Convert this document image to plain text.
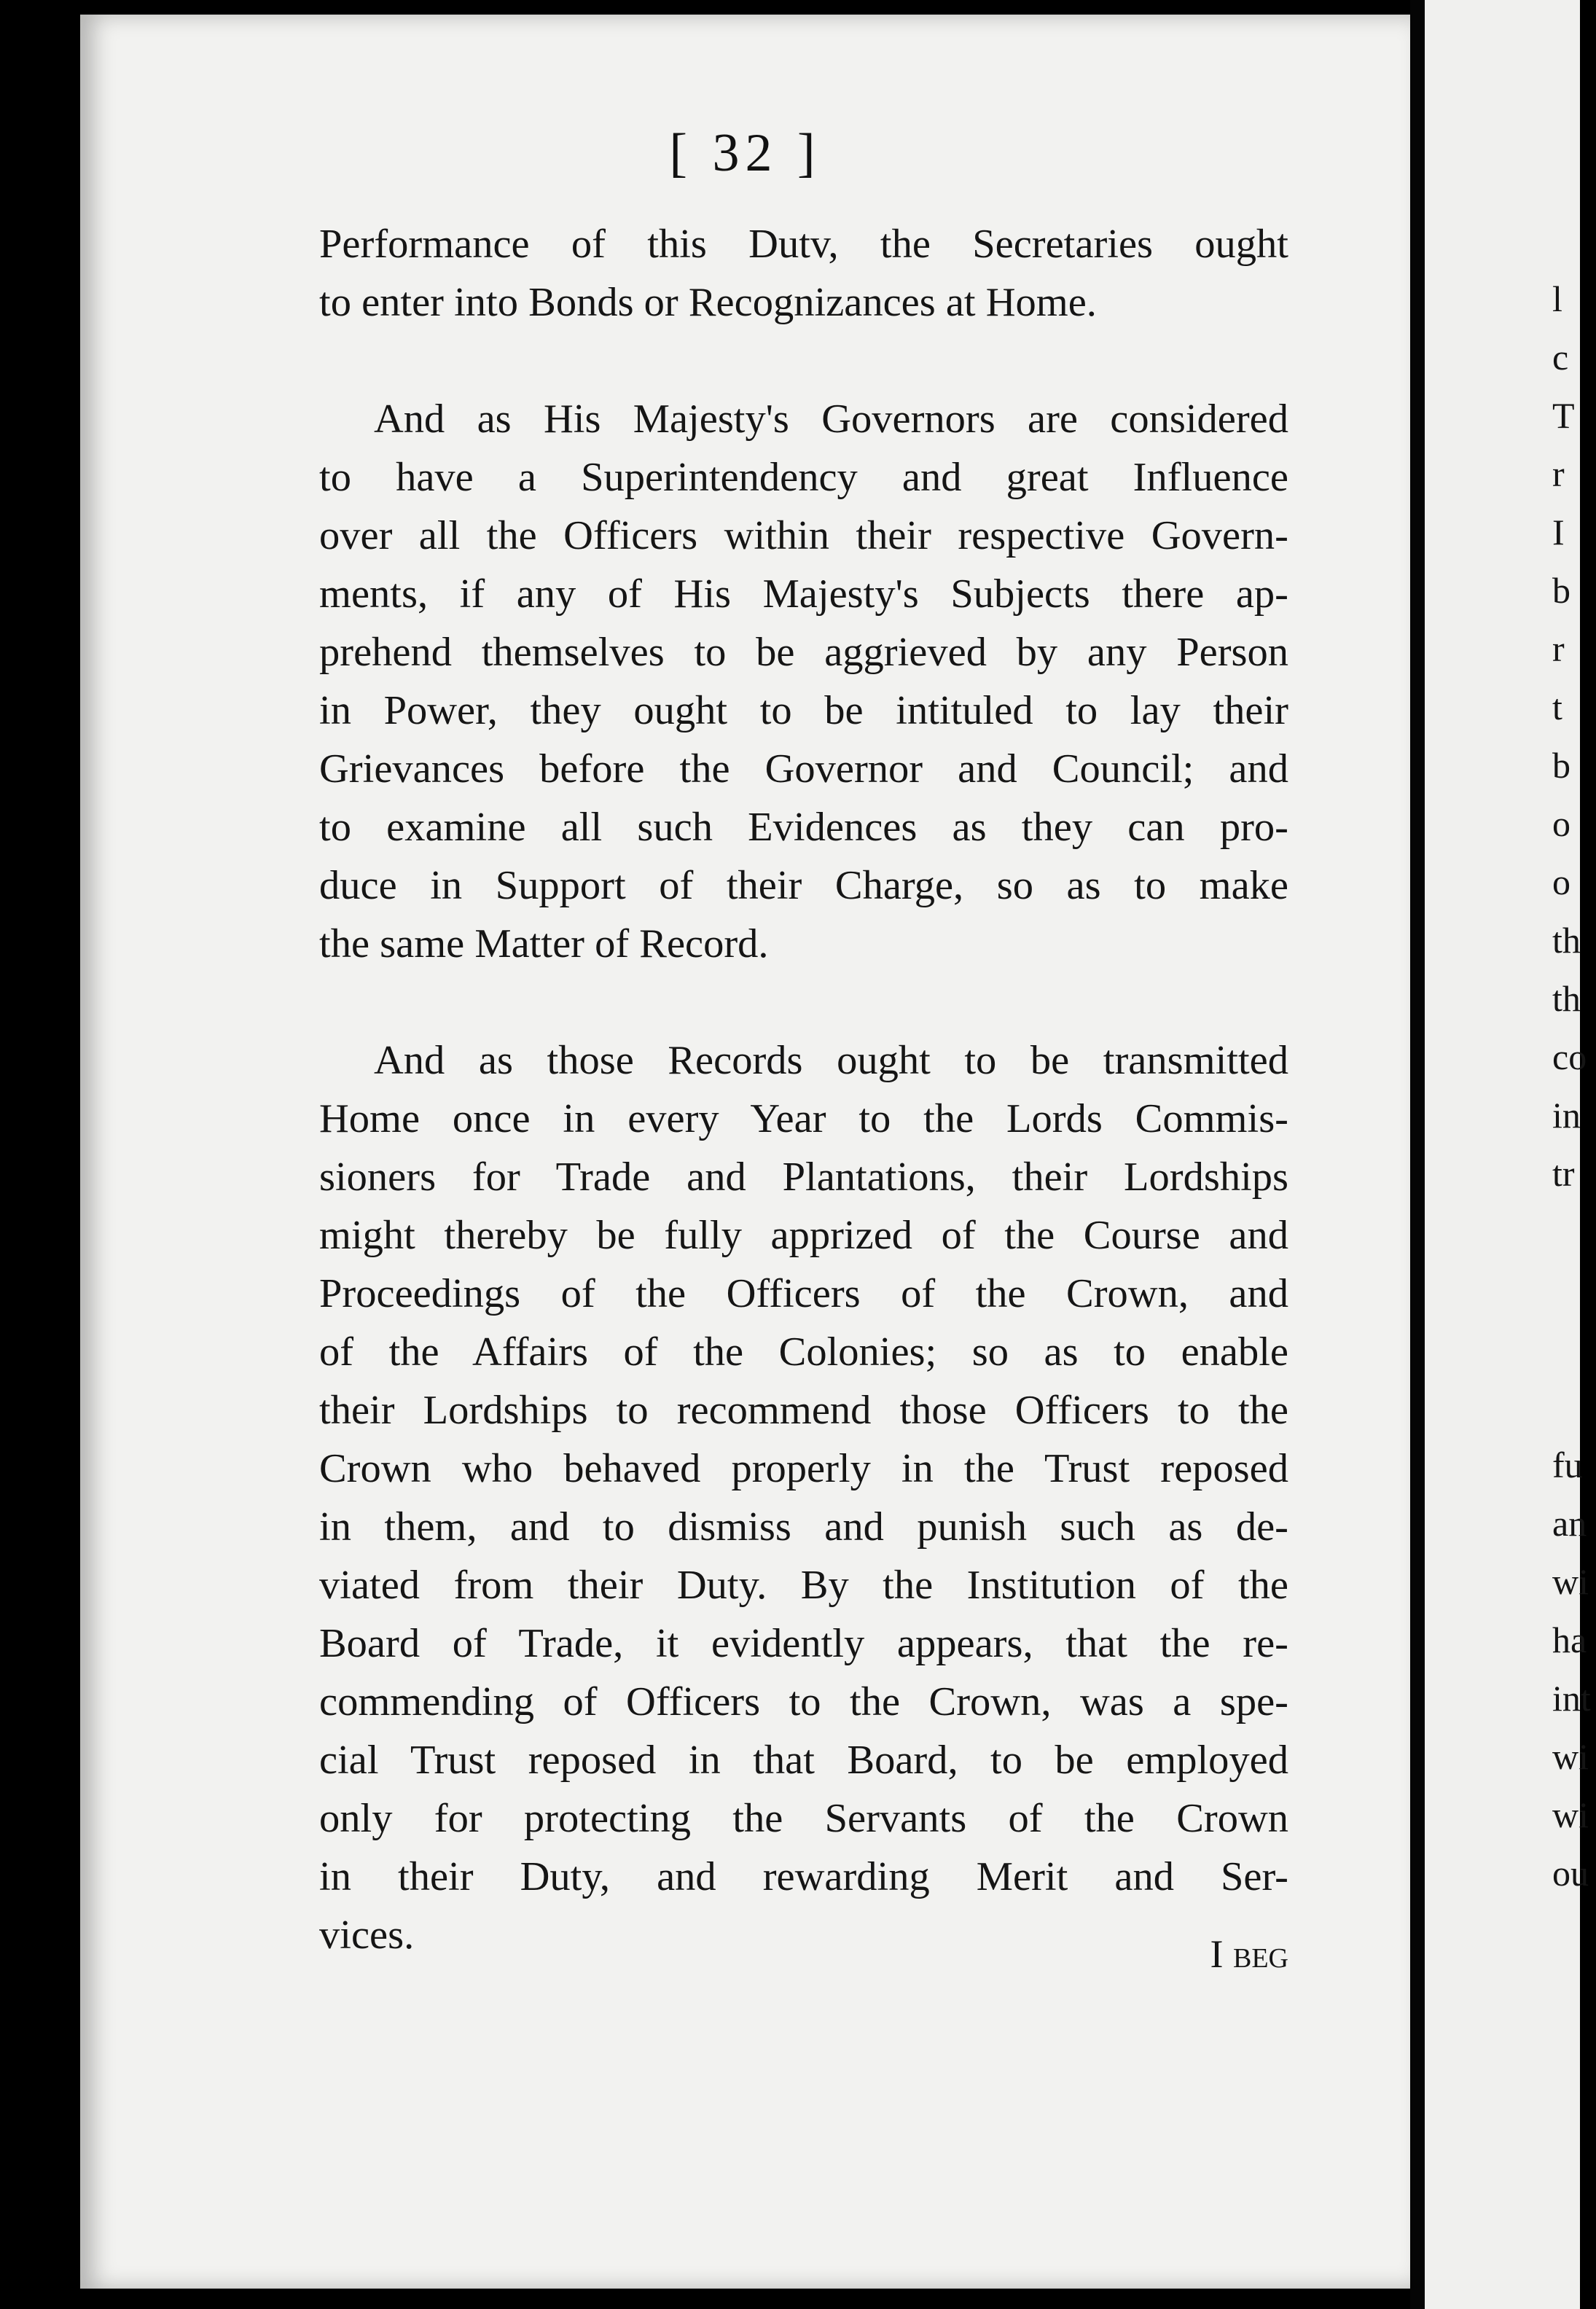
[ 32 ]
Performance of this Dutv, the Secretaries ought
to enter into Bonds or Recognizances at Home.
And as His Majesty's Governors are considered
to have a Superintendency and great Influence
over all the Officers within their respective Govern-
ments, if any of His Majesty's Subjects there ap-
prehend themselves to be aggrieved by any Person
in Power, they ought to be intituled to lay their
Grievances before the Governor and Council; and
to examine all such Evidences as they can pro-
duce in Support of their Charge, so as to make
the same Matter of Record.
And as those Records ought to be transmitted
Home once in every Year to the Lords Commis-
sioners for Trade and Plantations, their Lordships
might thereby be fully apprized of the Course and
Proceedings of the Officers of the Crown, and
of the Affairs of the Colonies; so as to enable
their Lordships to recommend those Officers to the
Crown who behaved properly in the Trust reposed
in them, and to dismiss and punish such as de-
viated from their Duty. By the Institution of the
Board of Trade, it evidently appears, that the re-
commending of Officers to the Crown, was a spe-
cial Trust reposed in that Board, to be employed
only for protecting the Servants of the Crown
in their Duty, and rewarding Merit and Ser-
vices.	I beg
l
c
T
r
I
b
r
t
b
o
o
th
th
co
in
tr
fu
an
wi
ha
int
wi
wi
ou
